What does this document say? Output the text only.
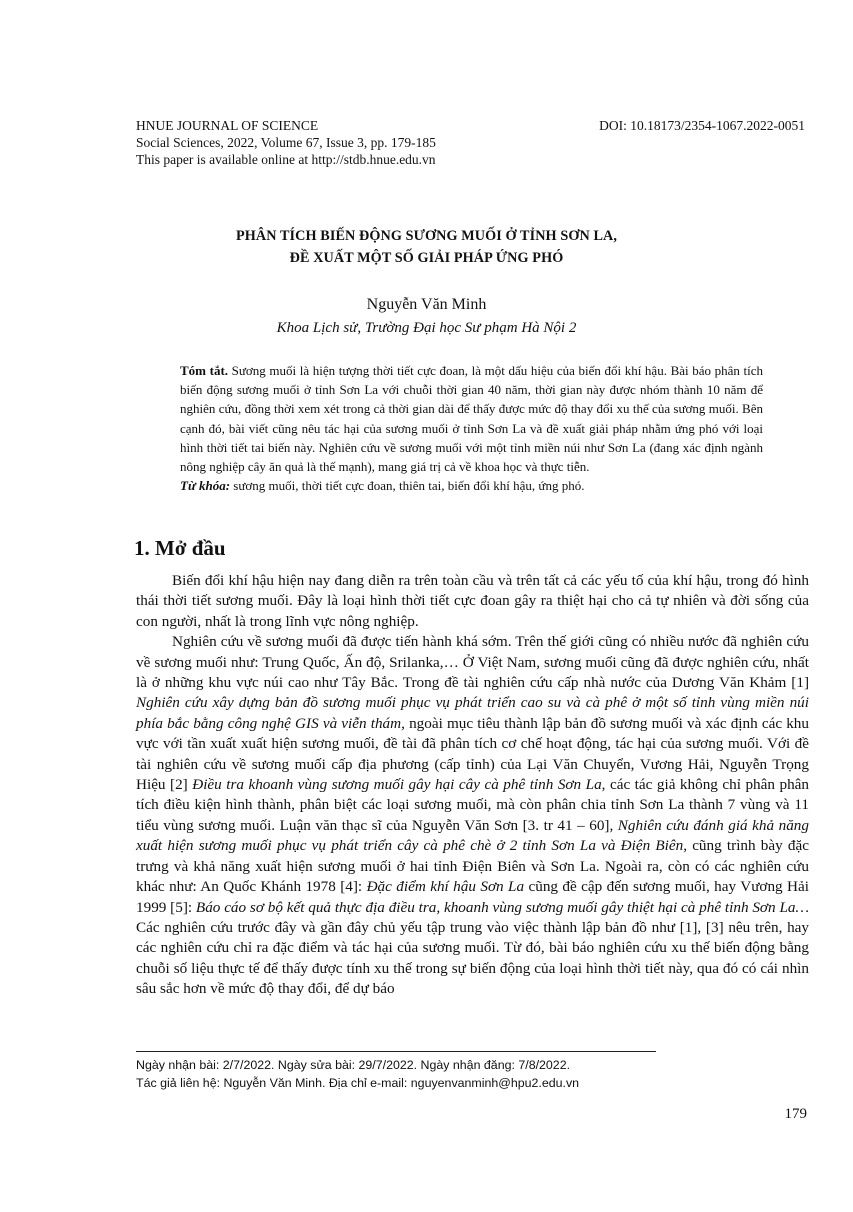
HNUE JOURNAL OF SCIENCE
Social Sciences, 2022, Volume 67, Issue 3, pp. 179-185
This paper is available online at http://stdb.hnue.edu.vn
DOI: 10.18173/2354-1067.2022-0051
PHÂN TÍCH BIẾN ĐỘNG SƯƠNG MUỐI Ở TỈNH SƠN LA,
ĐỀ XUẤT MỘT SỐ GIẢI PHÁP ỨNG PHÓ
Nguyễn Văn Minh
Khoa Lịch sử, Trường Đại học Sư phạm Hà Nội 2

Tóm tắt. Sương muối là hiện tượng thời tiết cực đoan, là một dấu hiệu của biến đổi khí hậu. Bài báo phân tích biến động sương muối ở tỉnh Sơn La với chuỗi thời gian 40 năm, thời gian này được nhóm thành 10 năm để nghiên cứu, đồng thời xem xét trong cả thời gian dài để thấy được mức độ thay đổi xu thế của sương muối. Bên cạnh đó, bài viết cũng nêu tác hại của sương muối ở tỉnh Sơn La và đề xuất giải pháp nhằm ứng phó với loại hình thời tiết tai biến này. Nghiên cứu về sương muối với một tỉnh miền núi như Sơn La (đang xác định ngành nông nghiệp cây ăn quả là thế mạnh), mang giá trị cả về khoa học và thực tiễn.

Từ khóa: sương muối, thời tiết cực đoan, thiên tai, biến đổi khí hậu, ứng phó.

1. Mở đầu

Biến đổi khí hậu hiện nay đang diễn ra trên toàn cầu và trên tất cả các yếu tố của khí hậu, trong đó hình thái thời tiết sương muối. Đây là loại hình thời tiết cực đoan gây ra thiệt hại cho cả tự nhiên và đời sống của con người, nhất là trong lĩnh vực nông nghiệp.

Nghiên cứu về sương muối đã được tiến hành khá sớm. Trên thế giới cũng có nhiều nước đã nghiên cứu về sương muối như: Trung Quốc, Ấn độ, Srilanka,… Ở Việt Nam, sương muối cũng đã được nghiên cứu, nhất là ở những khu vực núi cao như Tây Bắc. Trong đề tài nghiên cứu cấp nhà nước của Dương Văn Khảm [1] Nghiên cứu xây dựng bản đồ sương muối phục vụ phát triển cao su và cà phê ở một số tỉnh vùng miền núi phía bắc bằng công nghệ GIS và viễn thám, ngoài mục tiêu thành lập bản đồ sương muối và xác định các khu vực với tần xuất xuất hiện sương muối, đề tài đã phân tích cơ chế hoạt động, tác hại của sương muối. Với đề tài nghiên cứu về sương muối cấp địa phương (cấp tỉnh) của Lại Văn Chuyển, Vương Hải, Nguyễn Trọng Hiệu [2] Điều tra khoanh vùng sương muối gây hại cây cà phê tỉnh Sơn La, các tác giả không chỉ phân phân tích điều kiện hình thành, phân biệt các loại sương muối, mà còn phân chia tỉnh Sơn La thành 7 vùng và 11 tiểu vùng sương muối. Luận văn thạc sĩ của Nguyễn Văn Sơn [3. tr 41 – 60], Nghiên cứu đánh giá khả năng xuất hiện sương muối phục vụ phát triển cây cà phê chè ở 2 tỉnh Sơn La và Điện Biên, cũng trình bày đặc trưng và khả năng xuất hiện sương muối ở hai tỉnh Điện Biên và Sơn La. Ngoài ra, còn có các nghiên cứu khác như: An Quốc Khánh 1978 [4]: Đặc điểm khí hậu Sơn La cũng đề cập đến sương muối, hay Vương Hải 1999 [5]: Báo cáo sơ bộ kết quả thực địa điều tra, khoanh vùng sương muối gây thiệt hại cà phê tỉnh Sơn La… Các nghiên cứu trước đây và gần đây chủ yếu tập trung vào việc thành lập bản đồ như [1], [3] nêu trên, hay các nghiên cứu chỉ ra đặc điểm và tác hại của sương muối. Từ đó, bài báo nghiên cứu xu thế biến động bằng chuỗi số liệu thực tế để thấy được tính xu thế trong sự biến động của loại hình thời tiết này, qua đó có cái nhìn sâu sắc hơn về mức độ thay đổi, để dự báo

Ngày nhận bài: 2/7/2022. Ngày sửa bài: 29/7/2022. Ngày nhận đăng: 7/8/2022.
Tác giả liên hệ: Nguyễn Văn Minh. Địa chỉ e-mail: nguyenvanminh@hpu2.edu.vn
179
